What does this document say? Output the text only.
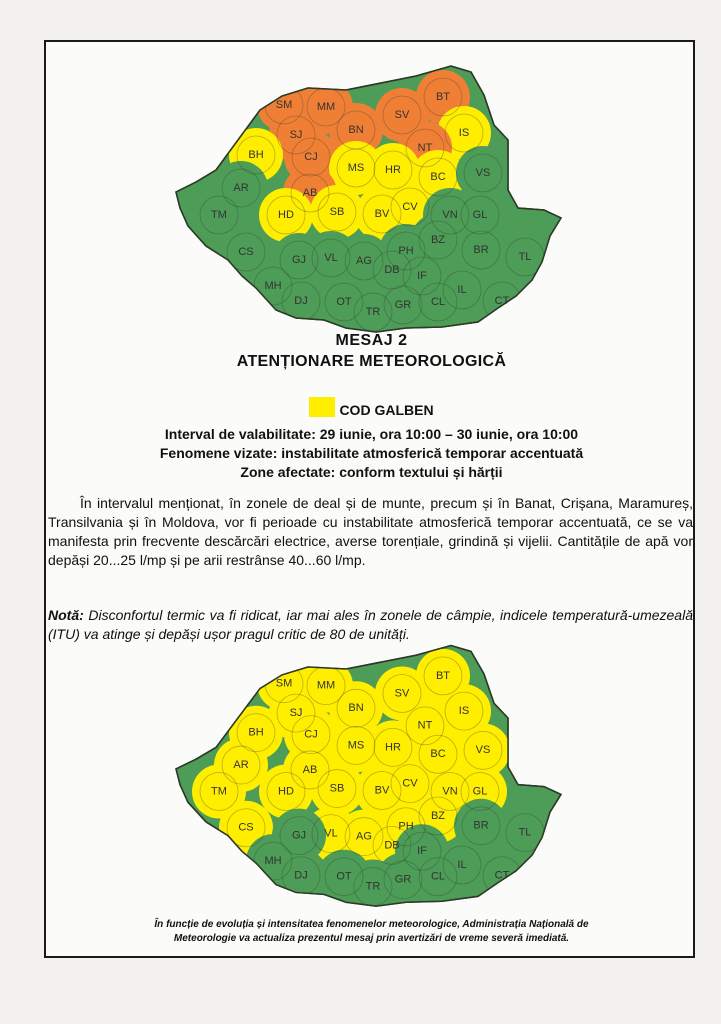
SM MM
SV
BT
SJ	BN	IS
BH	CJ
NT
AR
MS HR
BC	VS
AB
TM	HD	SB	BV
CV
VN GL
CS
GJ VL AG
PH
BZ
BR
TL
DB
IL
MH
DJ	OT
TR
GR CL	CT
IF
MESAJ 2
ATENȚIONARE METEOROLOGICĂ
COD GALBEN
Interval de valabilitate: 29 iunie, ora 10:00 – 30 iunie, ora 10:00
Fenomene vizate: instabilitate atmosferică temporar accentuată
Zone afectate: conform textului și hărții
În intervalul menționat, în zonele de deal și de munte, precum și în Banat, Crișana, Maramureș, Transilvania și în Moldova, vor fi perioade cu instabilitate atmosferică temporar accentuată, ce se va manifesta prin frecvente descărcări electrice, averse torențiale, grindină și vijelii. Cantitățile de apă vor depăși 20...25 l/mp și pe arii restrânse 40...60 l/mp.
Notă: Disconfortul termic va fi ridicat, iar mai ales în zonele de câmpie, indicele temperatură-umezeală (ITU) va atinge și depăși ușor pragul critic de 80 de unități.
SM MM
SV
BT
SJ	BN	IS
BH	CJ
NT
AR
MS HR
BC	VS
AB
TM	HD	SB	BV
CV
VN GL
CS	VL AG
PH
BZ
DB
BR
TL
GJ
MH
DJ	OT
TR
GR
IL
CL	CT
IF
În funcție de evoluția și intensitatea fenomenelor meteorologice, Administrația Națională de
Meteorologie va actualiza prezentul mesaj prin avertizări de vreme severă imediată.
